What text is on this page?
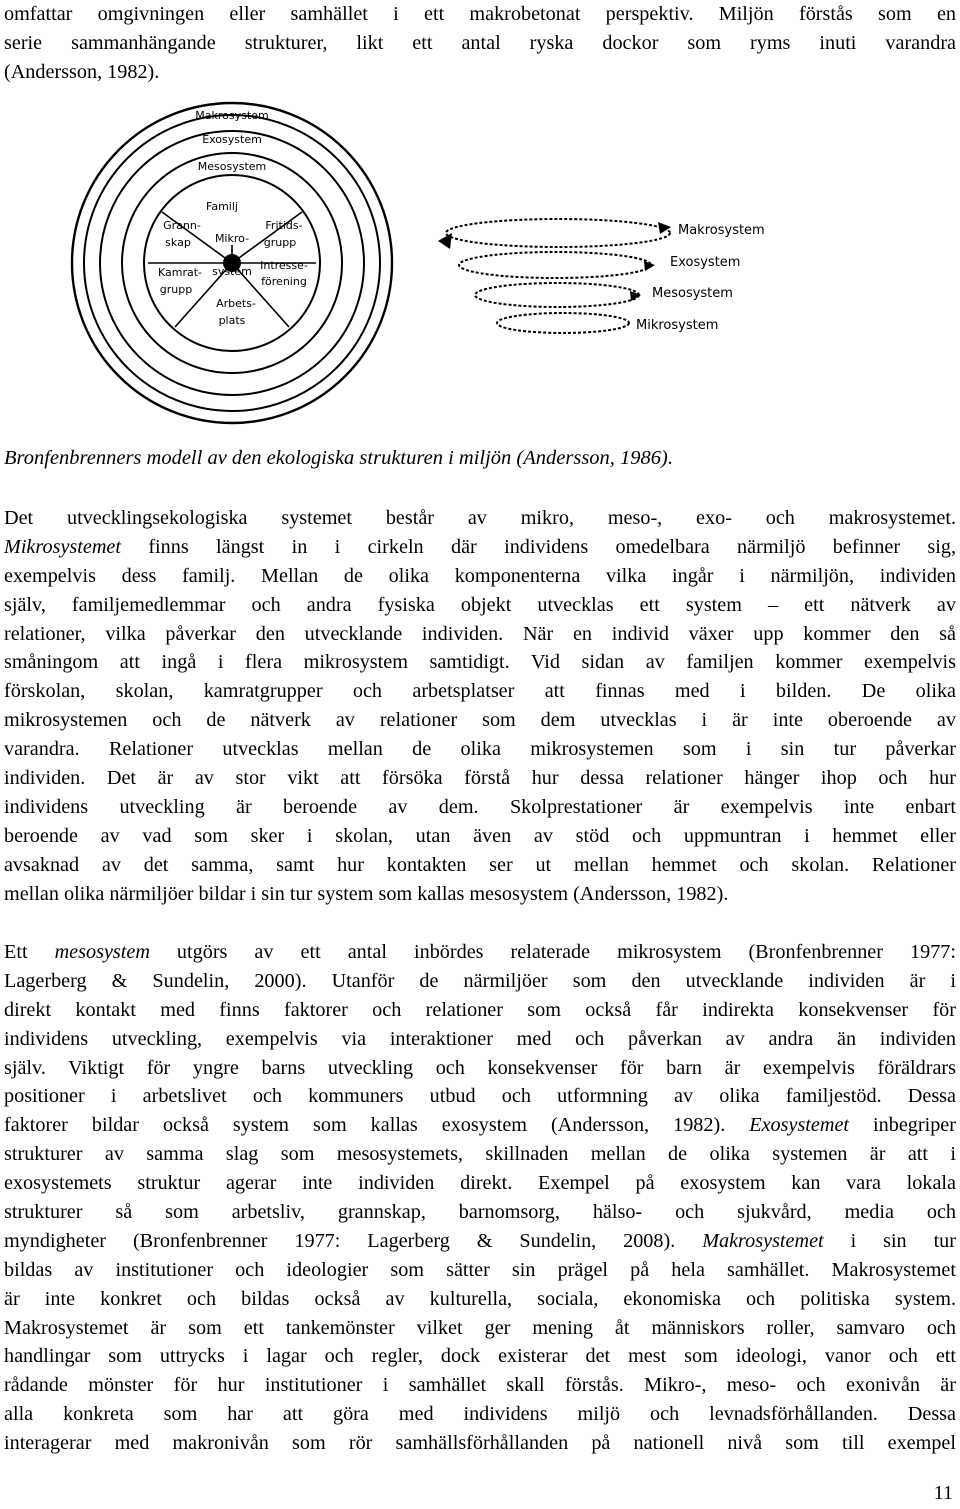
omfattar omgivningen eller samhället i ett makrobetonat perspektiv. Miljön förstås som en
serie sammanhängande strukturer, likt ett antal ryska dockor som ryms inuti varandra
(Andersson, 1982).
Makrosystem
Exosystem
Mesosystem
Familj
Grann-
skap
Fritids-
grupp
Mikro-
system
Kamrat-
grupp
Intresse-
förening
Arbets-
plats
Makrosystem
Exosystem
Mesosystem
Mikrosystem
Bronfenbrenners modell av den ekologiska strukturen i miljön (Andersson, 1986).
Det utvecklingsekologiska systemet består av mikro, meso-, exo- och makrosystemet.
Mikrosystemet finns längst in i cirkeln där individens omedelbara närmiljö befinner sig,
exempelvis dess familj. Mellan de olika komponenterna vilka ingår i närmiljön, individen
själv, familjemedlemmar och andra fysiska objekt utvecklas ett system – ett nätverk av
relationer, vilka påverkar den utvecklande individen. När en individ växer upp kommer den så
småningom att ingå i flera mikrosystem samtidigt. Vid sidan av familjen kommer exempelvis
förskolan, skolan, kamratgrupper och arbetsplatser att finnas med i bilden. De olika
mikrosystemen och de nätverk av relationer som dem utvecklas i är inte oberoende av
varandra. Relationer utvecklas mellan de olika mikrosystemen som i sin tur påverkar
individen. Det är av stor vikt att försöka förstå hur dessa relationer hänger ihop och hur
individens utveckling är beroende av dem. Skolprestationer är exempelvis inte enbart
beroende av vad som sker i skolan, utan även av stöd och uppmuntran i hemmet eller
avsaknad av det samma, samt hur kontakten ser ut mellan hemmet och skolan. Relationer
mellan olika närmiljöer bildar i sin tur system som kallas mesosystem (Andersson, 1982).
Ett mesosystem utgörs av ett antal inbördes relaterade mikrosystem (Bronfenbrenner 1977:
Lagerberg & Sundelin, 2000). Utanför de närmiljöer som den utvecklande individen är i
direkt kontakt med finns faktorer och relationer som också får indirekta konsekvenser för
individens utveckling, exempelvis via interaktioner med och påverkan av andra än individen
själv. Viktigt för yngre barns utveckling och konsekvenser för barn är exempelvis föräldrars
positioner i arbetslivet och kommuners utbud och utformning av olika familjestöd. Dessa
faktorer bildar också system som kallas exosystem (Andersson, 1982). Exosystemet inbegriper
strukturer av samma slag som mesosystemets, skillnaden mellan de olika systemen är att i
exosystemets struktur agerar inte individen direkt. Exempel på exosystem kan vara lokala
strukturer så som arbetsliv, grannskap, barnomsorg, hälso- och sjukvård, media och
myndigheter (Bronfenbrenner 1977: Lagerberg & Sundelin, 2008). Makrosystemet i sin tur
bildas av institutioner och ideologier som sätter sin prägel på hela samhället. Makrosystemet
är inte konkret och bildas också av kulturella, sociala, ekonomiska och politiska system.
Makrosystemet är som ett tankemönster vilket ger mening åt människors roller, samvaro och
handlingar som uttrycks i lagar och regler, dock existerar det mest som ideologi, vanor och ett
rådande mönster för hur institutioner i samhället skall förstås. Mikro-, meso- och exonivån är
alla konkreta som har att göra med individens miljö och levnadsförhållanden. Dessa
interagerar med makronivån som rör samhällsförhållanden på nationell nivå som till exempel
11
